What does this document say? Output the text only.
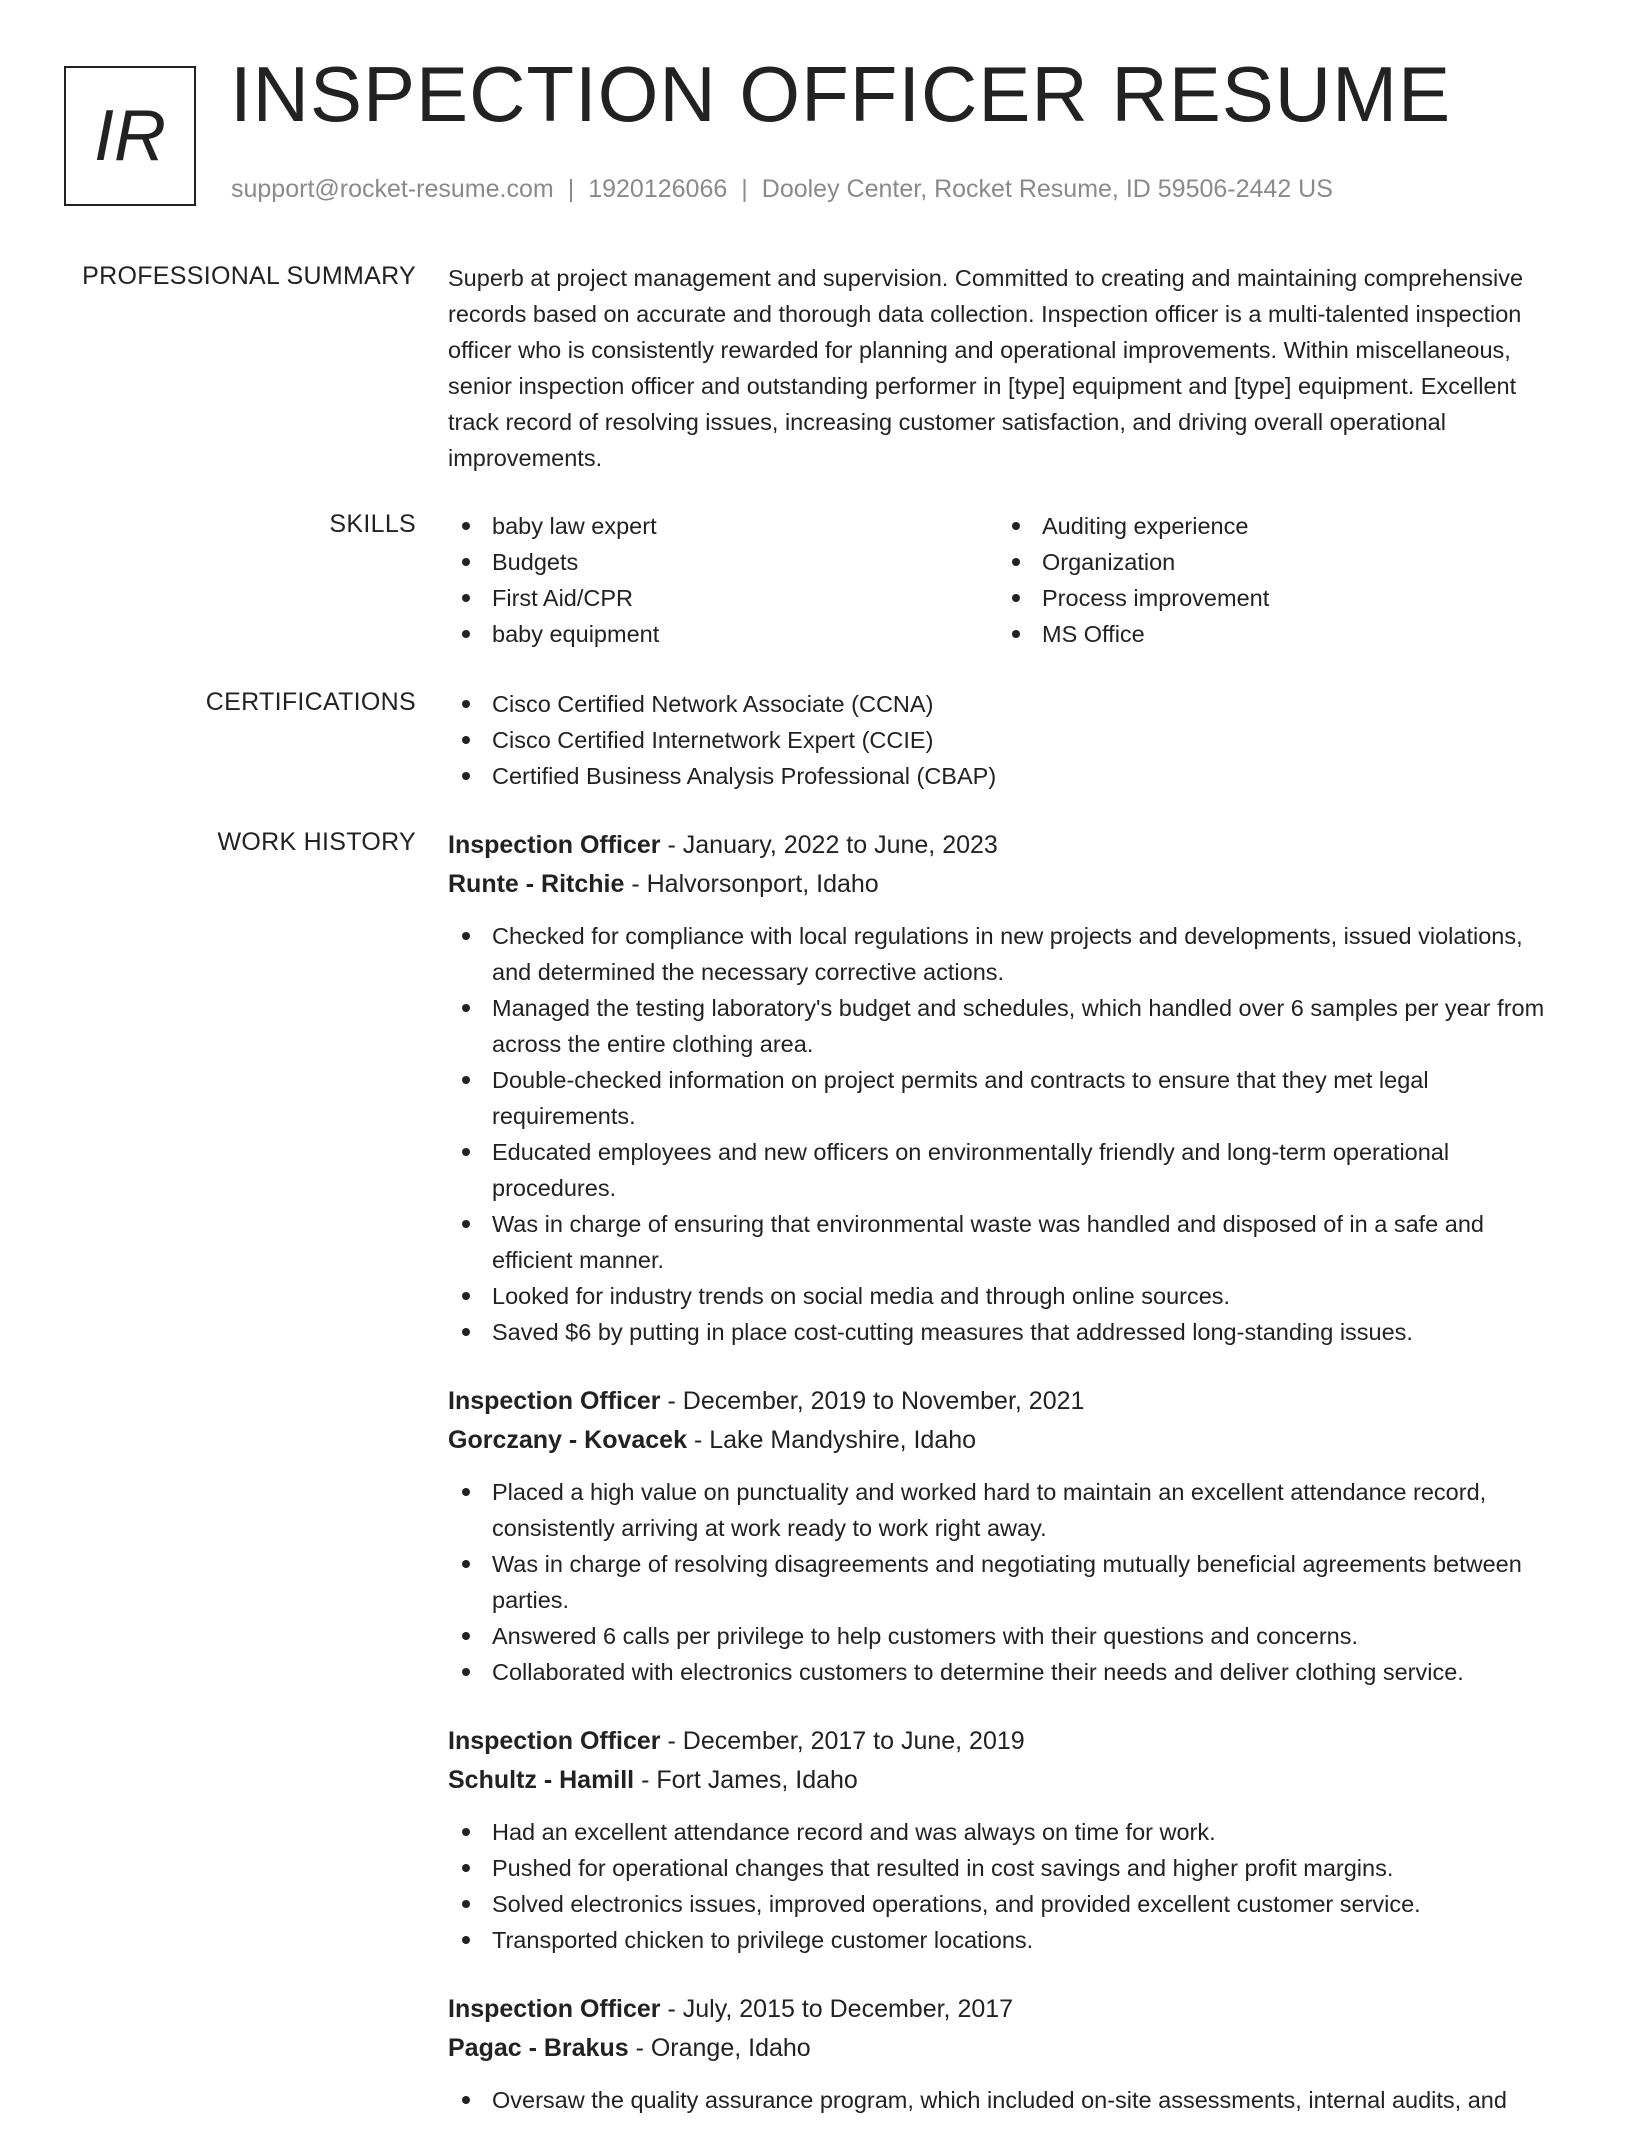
IR INSPECTION OFFICER RESUME
support@rocket-resume.com | 1920126066 | Dooley Center, Rocket Resume, ID 59506-2442 US
PROFESSIONAL SUMMARY Superb at project management and supervision. Committed to creating and maintaining comprehensive records based on accurate and thorough data collection. Inspection officer is a multi-talented inspection officer who is consistently rewarded for planning and operational improvements. Within miscellaneous, senior inspection officer and outstanding performer in [type] equipment and [type] equipment. Excellent track record of resolving issues, increasing customer satisfaction, and driving overall operational improvements.

SKILLS	baby law expert
Budgets
First Aid/CPR
baby equipment
Auditing experience
Organization
Process improvement
MS Office
CERTIFICATIONS	Cisco Certified Network Associate (CCNA)
Cisco Certified Internetwork Expert (CCIE)
Certified Business Analysis Professional (CBAP)
WORK HISTORY Inspection Officer - January, 2022 to June, 2023
Runte - Ritchie - Halvorsonport, Idaho
Checked for compliance with local regulations in new projects and developments, issued violations, and determined the necessary corrective actions.
Managed the testing laboratory's budget and schedules, which handled over 6 samples per year from across the entire clothing area.
Double-checked information on project permits and contracts to ensure that they met legal requirements.
Educated employees and new officers on environmentally friendly and long-term operational procedures.
Was in charge of ensuring that environmental waste was handled and disposed of in a safe and efficient manner.
Looked for industry trends on social media and through online sources.
Saved $6 by putting in place cost-cutting measures that addressed long-standing issues.
Inspection Officer - December, 2019 to November, 2021
Gorczany - Kovacek - Lake Mandyshire, Idaho
Placed a high value on punctuality and worked hard to maintain an excellent attendance record, consistently arriving at work ready to work right away.
Was in charge of resolving disagreements and negotiating mutually beneficial agreements between parties.
Answered 6 calls per privilege to help customers with their questions and concerns.
Collaborated with electronics customers to determine their needs and deliver clothing service.
Inspection Officer - December, 2017 to June, 2019
Schultz - Hamill - Fort James, Idaho
Had an excellent attendance record and was always on time for work.
Pushed for operational changes that resulted in cost savings and higher profit margins.
Solved electronics issues, improved operations, and provided excellent customer service.
Transported chicken to privilege customer locations.
Inspection Officer - July, 2015 to December, 2017
Pagac - Brakus - Orange, Idaho
Oversaw the quality assurance program, which included on-site assessments, internal audits, and
